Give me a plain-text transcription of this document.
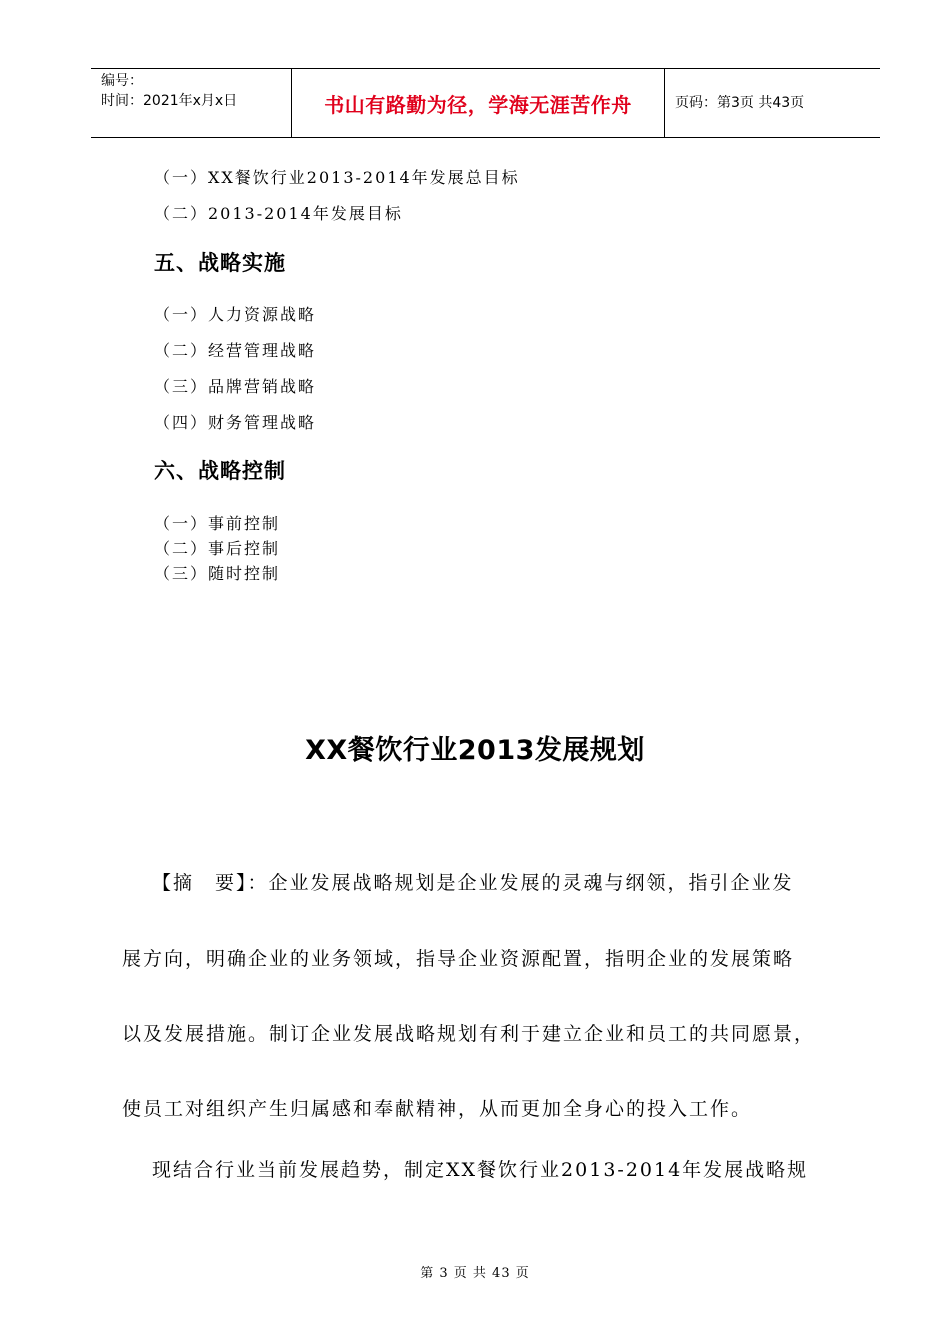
编号：
时间：2021年x月x日	书山有路勤为径，学海无涯苦作舟	页码：第3页 共43页
（一）XX餐饮行业2013-2014年发展总目标
（二）2013-2014年发展目标
五、战略实施
（一）人力资源战略
（二）经营管理战略
（三）品牌营销战略
（四）财务管理战略
六、战略控制
（一）事前控制
（二）事后控制
（三）随时控制
XX餐饮行业2013发展规划
【摘　要】：企业发展战略规划是企业发展的灵魂与纲领，指引企业发
展方向，明确企业的业务领域，指导企业资源配置，指明企业的发展策略
以及发展措施。制订企业发展战略规划有利于建立企业和员工的共同愿景，
使员工对组织产生归属感和奉献精神，从而更加全身心的投入工作。
现结合行业当前发展趋势，制定XX餐饮行业2013-2014年发展战略规
第 3 页 共 43 页
